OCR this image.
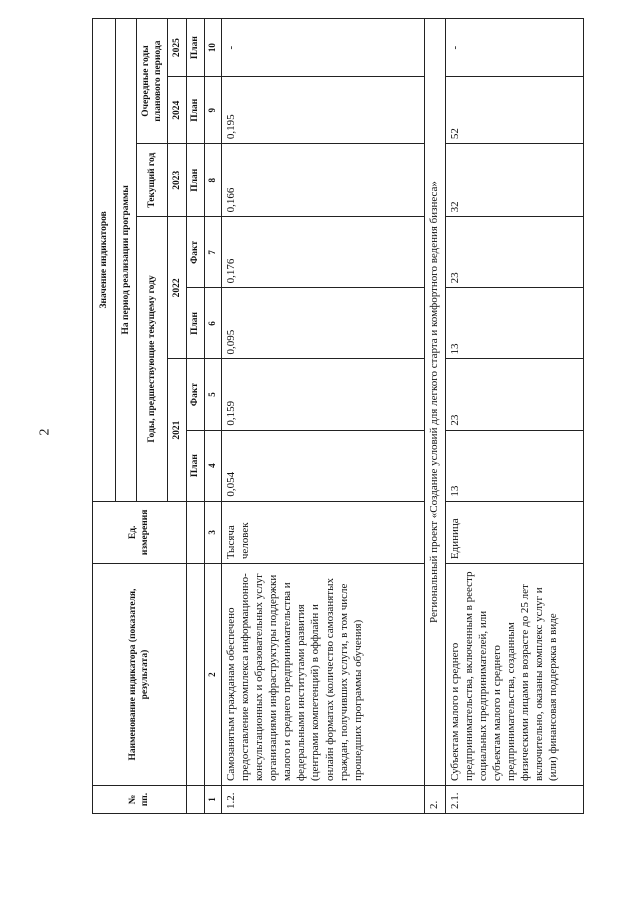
2
№ пп.	Наименование индикатора (показателя, результата)	Ед. измерения	Значение индикаторов						
			На период реализации программы						
			Годы, предшествующие текущему году				Текущий год	Очередные годы планового периода	
			2021		2022		2023	2024	2025
			План	Факт	План	Факт	План	План	План
1	2	3	4	5	6	7	8	9	10
1.2.	Самозанятым гражданам обеспечено предоставление комплекса информационно-консультационных и образовательных услуг организациями инфраструктуры поддержки малого и среднего предпринимательства и федеральными институтами развития (центрами компетенций) в оффлайн и онлайн форматах (количество самозанятых граждан, получивших услуги, в том числе прошедших программы обучения)	Тысяча человек	0,054	0,159	0,095	0,176	0,166	0,195	-
2.	Региональный проект «Создание условий для легкого старта и комфортного ведения бизнеса»								
2.1.	Субъектам малого и среднего предпринимательства, включенным в реестр социальных предпринимателей, или субъектам малого и среднего предпринимательства, созданным физическими лицами в возрасте до 25 лет включительно, оказаны комплекс услуг и (или) финансовая поддержка в виде	Единица	13	23	13	23	32	52	-
